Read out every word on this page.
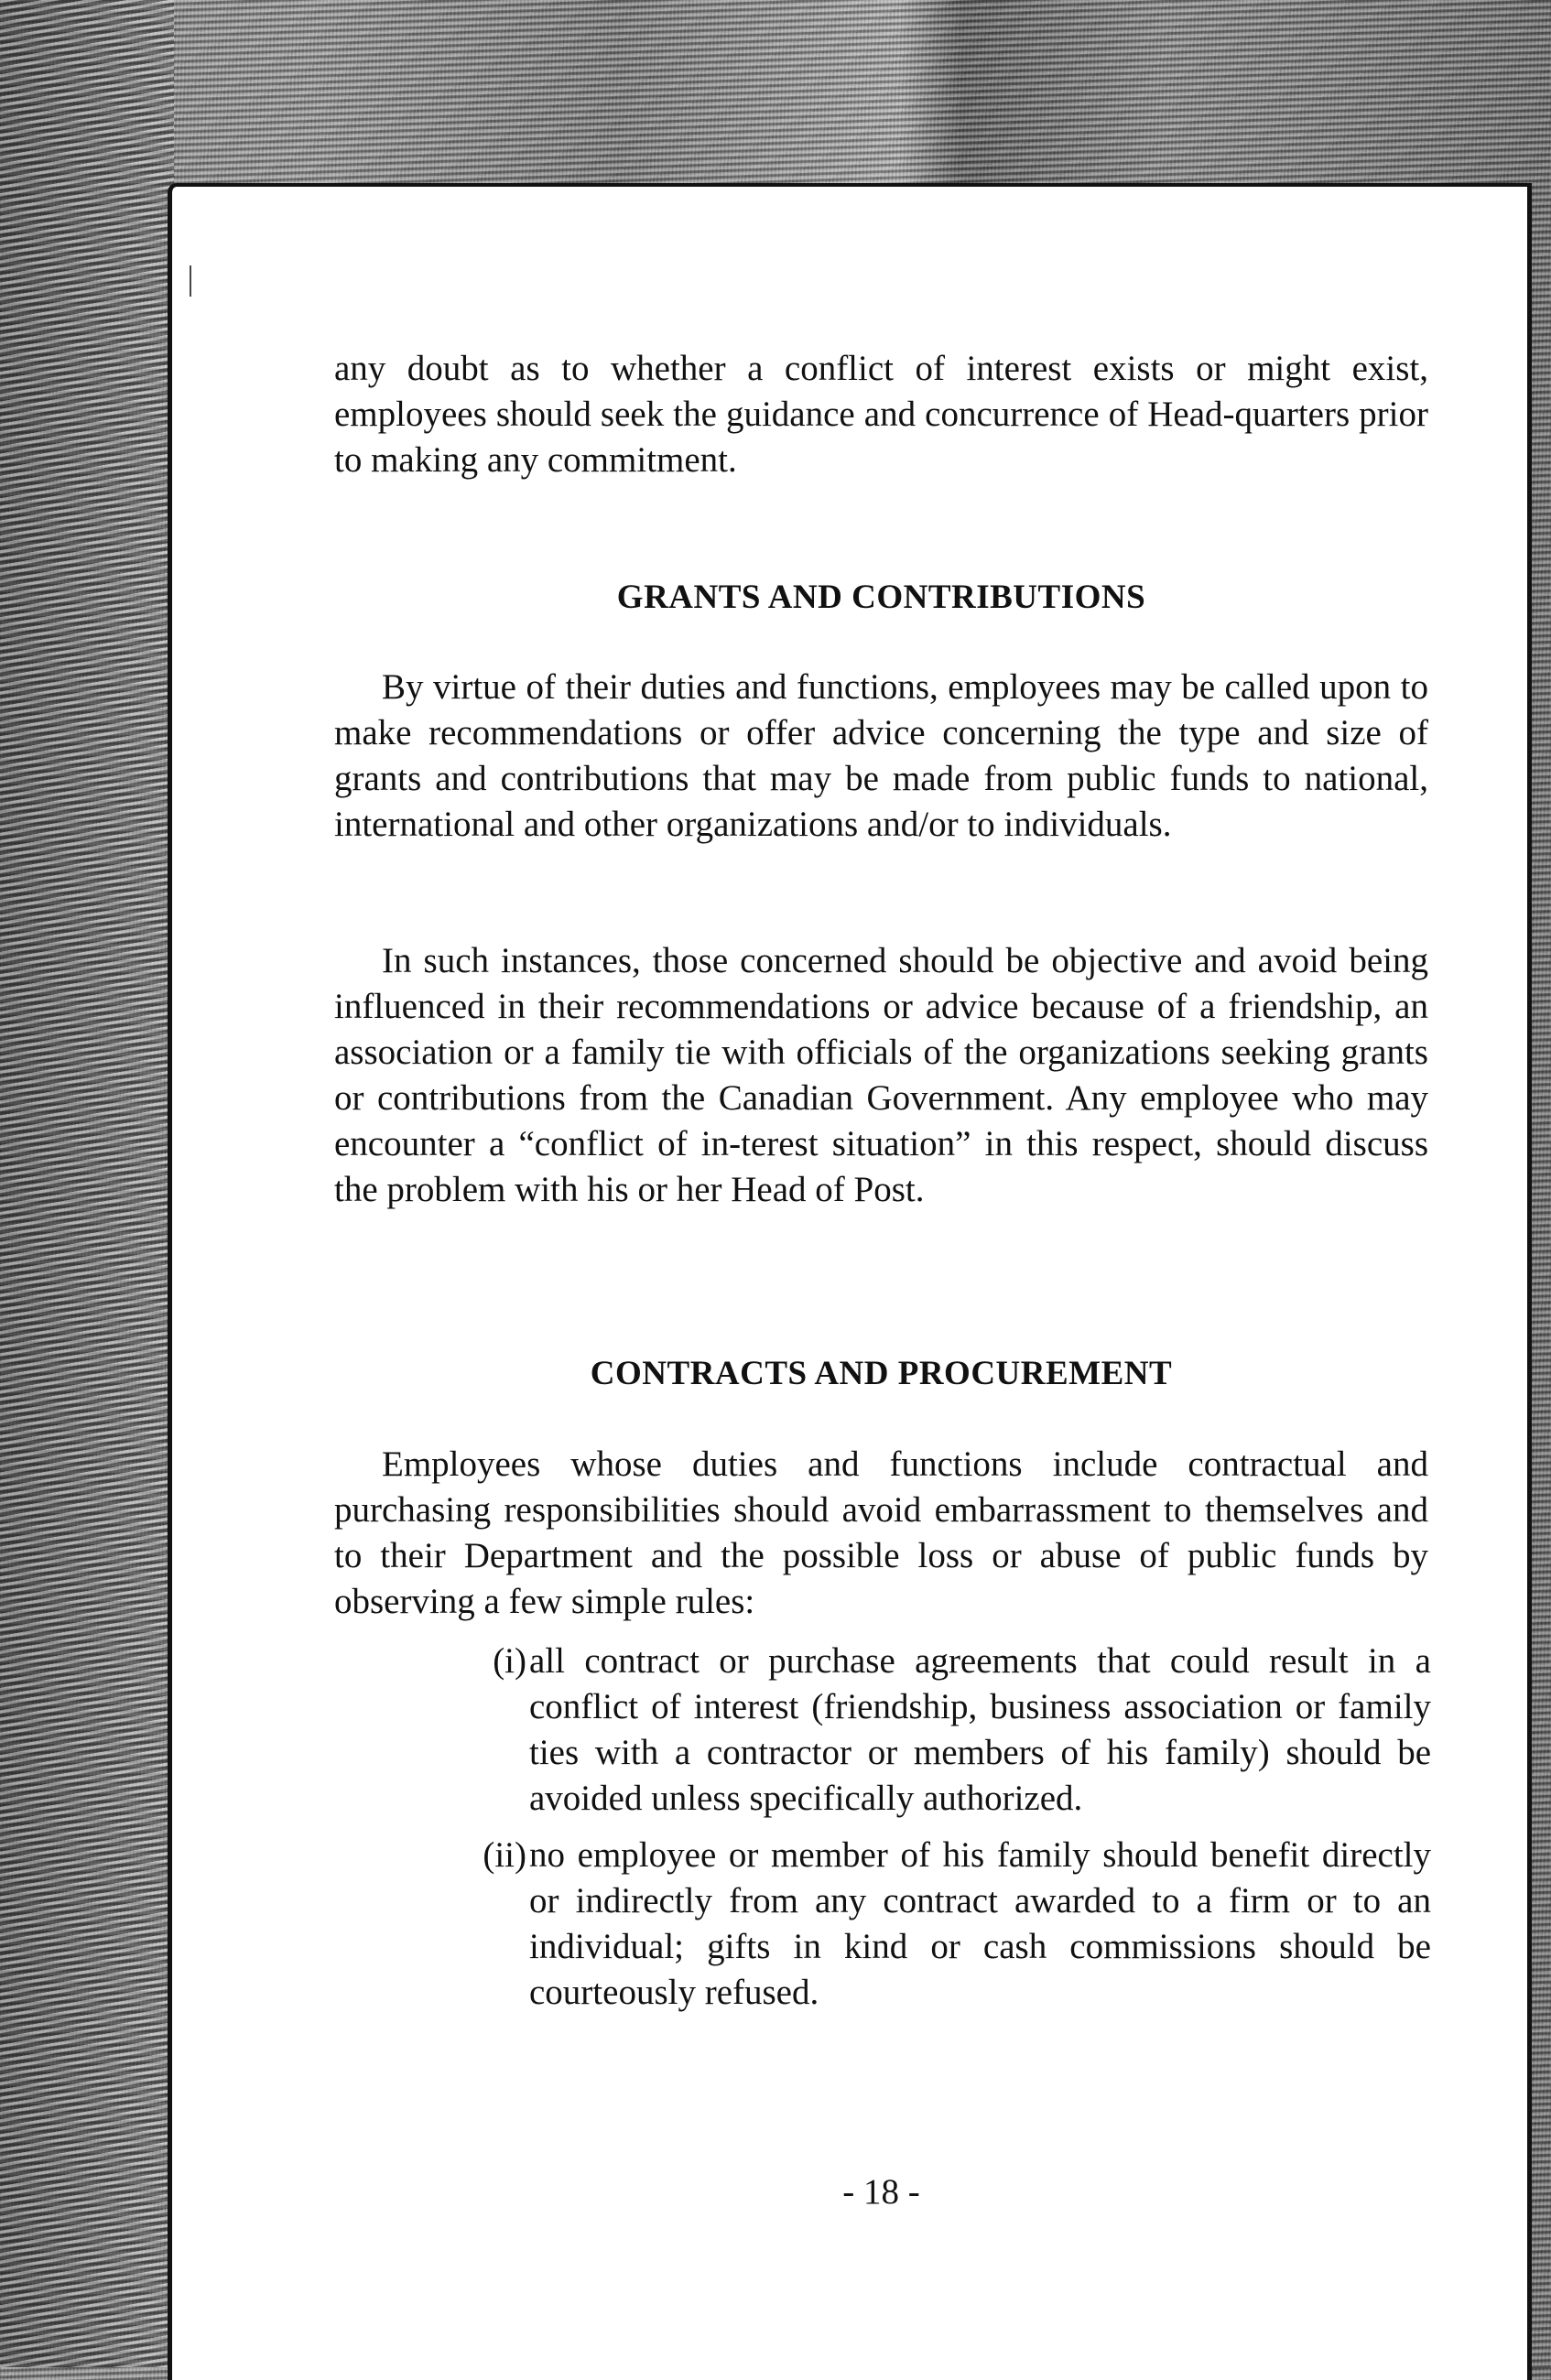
any doubt as to whether a conflict of interest exists or might exist, employees should seek the guidance and concurrence of Head-quarters prior to making any commitment.

GRANTS AND CONTRIBUTIONS

By virtue of their duties and functions, employees may be called upon to make recommendations or offer advice concerning the type and size of grants and contributions that may be made from public funds to national, international and other organizations and/or to individuals.

In such instances, those concerned should be objective and avoid being influenced in their recommendations or advice because of a friendship, an association or a family tie with officials of the organizations seeking grants or contributions from the Canadian Government. Any employee who may encounter a “conflict of in-terest situation” in this respect, should discuss the problem with his or her Head of Post.

CONTRACTS AND PROCUREMENT

Employees whose duties and functions include contractual and purchasing responsibilities should avoid embarrassment to themselves and to their Department and the possible loss or abuse of public funds by observing a few simple rules:

(i) all contract or purchase agreements that could result in a conflict of interest (friendship, business association or family ties with a contractor or members of his family) should be avoided unless specifically authorized.
(ii) no employee or member of his family should benefit directly or indirectly from any contract awarded to a firm or to an individual; gifts in kind or cash commissions should be courteously refused.
- 18 -
